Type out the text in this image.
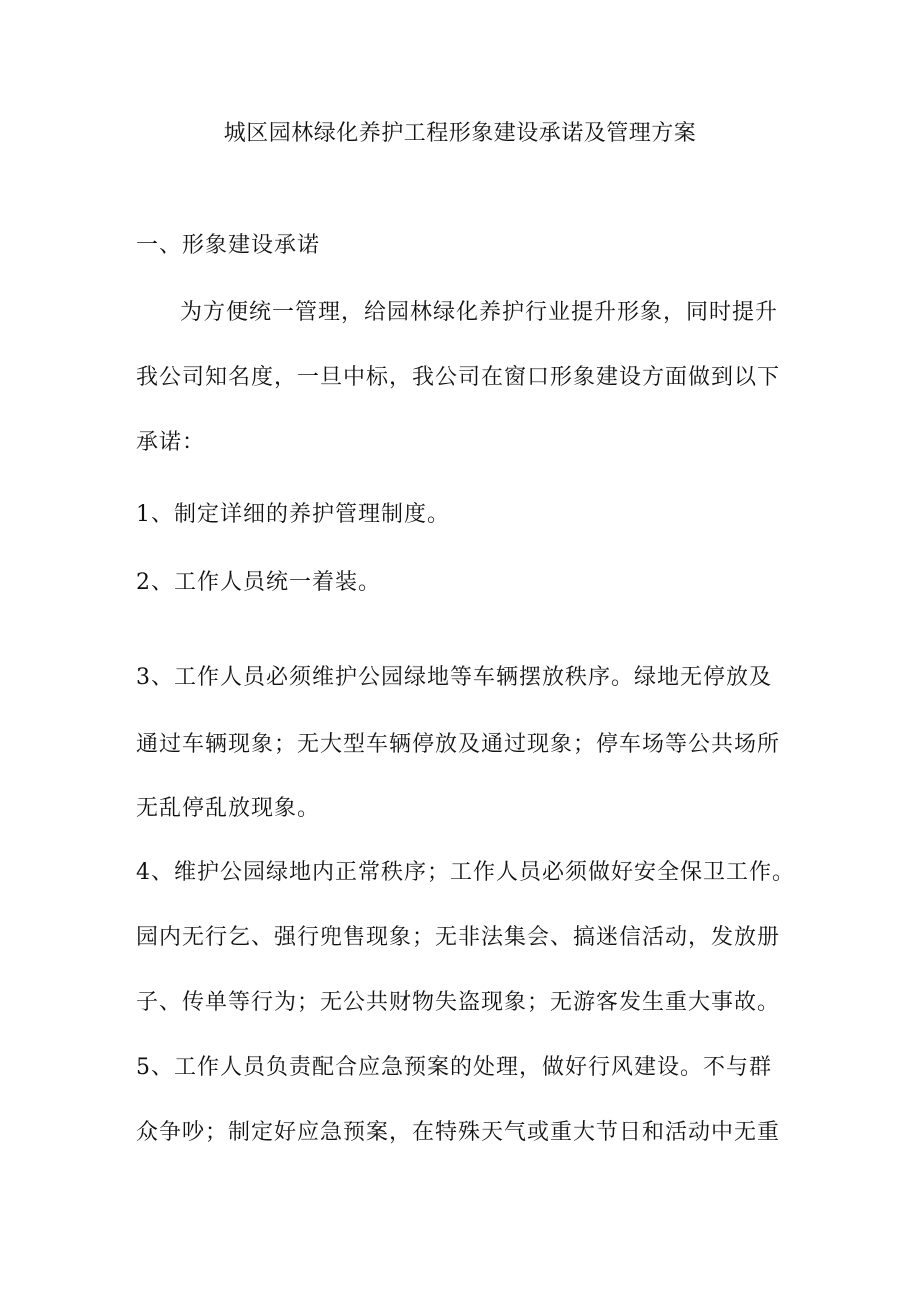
城区园林绿化养护工程形象建设承诺及管理方案
一、形象建设承诺
为方便统一管理，给园林绿化养护行业提升形象，同时提升
我公司知名度，一旦中标，我公司在窗口形象建设方面做到以下
承诺：
1、制定详细的养护管理制度。
2、工作人员统一着装。
3、工作人员必须维护公园绿地等车辆摆放秩序。绿地无停放及
通过车辆现象；无大型车辆停放及通过现象；停车场等公共场所
无乱停乱放现象。
4、维护公园绿地内正常秩序；工作人员必须做好安全保卫工作。
园内无行乞、强行兜售现象；无非法集会、搞迷信活动，发放册
子、传单等行为；无公共财物失盗现象；无游客发生重大事故。
5、工作人员负责配合应急预案的处理，做好行风建设。不与群
众争吵；制定好应急预案，在特殊天气或重大节日和活动中无重
